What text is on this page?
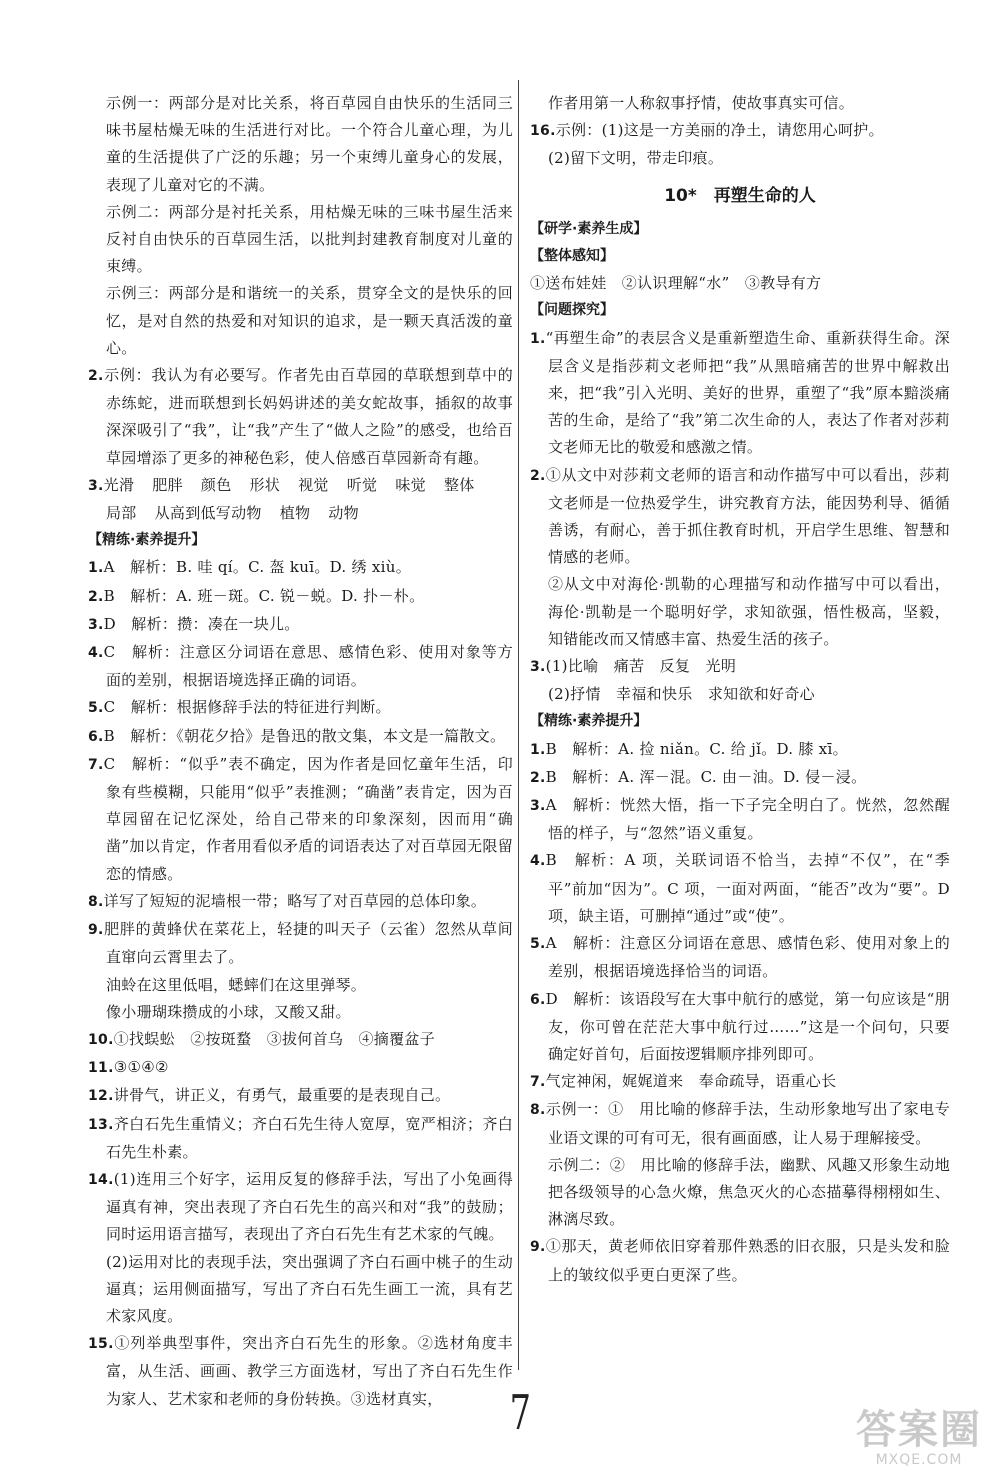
示例一：两部分是对比关系，将百草园自由快乐的生活同三味书屋枯燥无味的生活进行对比。一个符合儿童心理，为儿童的生活提供了广泛的乐趣；另一个束缚儿童身心的发展，表现了儿童对它的不满。

示例二：两部分是衬托关系，用枯燥无味的三味书屋生活来反衬自由快乐的百草园生活，以批判封建教育制度对儿童的束缚。

示例三：两部分是和谐统一的关系，贯穿全文的是快乐的回忆，是对自然的热爱和对知识的追求，是一颗天真活泼的童心。

2.示例：我认为有必要写。作者先由百草园的草联想到草中的赤练蛇，进而联想到长妈妈讲述的美女蛇故事，插叙的故事深深吸引了“我”，让“我”产生了“做人之险”的感受，也给百草园增添了更多的神秘色彩，使人倍感百草园新奇有趣。

3.光滑 肥胖 颜色 形状 视觉 听觉 味觉 整体

局部 从高到低写动物 植物 动物

【精练·素养提升】

1.A　解析：B. 哇 qí。C. 盔 kuī。D. 绣 xiù。

2.B　解析：A. 班－斑。C. 锐－蜕。D. 扑－朴。

3.D　解析：攒：凑在一块儿。

4.C　解析：注意区分词语在意思、感情色彩、使用对象等方面的差别，根据语境选择正确的词语。

5.C　解析：根据修辞手法的特征进行判断。

6.B　解析：《朝花夕拾》是鲁迅的散文集，本文是一篇散文。

7.C　解析：“似乎”表不确定，因为作者是回忆童年生活，印象有些模糊，只能用“似乎”表推测；“确凿”表肯定，因为百草园留在记忆深处，给自己带来的印象深刻，因而用“确凿”加以肯定，作者用看似矛盾的词语表达了对百草园无限留恋的情感。

8.详写了短短的泥墙根一带；略写了对百草园的总体印象。

9.肥胖的黄蜂伏在菜花上，轻捷的叫天子（云雀）忽然从草间直窜向云霄里去了。

油蛉在这里低唱，蟋蟀们在这里弹琴。

像小珊瑚珠攒成的小球，又酸又甜。

10.①找蜈蚣　②按斑蝥　③拔何首乌　④摘覆盆子

11.③①④②

12.讲骨气，讲正义，有勇气，最重要的是表现自己。

13.齐白石先生重情义；齐白石先生待人宽厚，宽严相济；齐白石先生朴素。

14.(1)连用三个好字，运用反复的修辞手法，写出了小兔画得逼真有神，突出表现了齐白石先生的高兴和对“我”的鼓励；同时运用语言描写，表现出了齐白石先生有艺术家的气魄。

(2)运用对比的表现手法，突出强调了齐白石画中桃子的生动逼真；运用侧面描写，写出了齐白石先生画工一流，具有艺术家风度。

15.①列举典型事件，突出齐白石先生的形象。②选材角度丰富，从生活、画画、教学三方面选材，写出了齐白石先生作为家人、艺术家和老师的身份转换。③选材真实，

作者用第一人称叙事抒情，使故事真实可信。

16.示例：(1)这是一方美丽的净土，请您用心呵护。

(2)留下文明，带走印痕。

10*　再塑生命的人
【研学·素养生成】
【整体感知】

①送布娃娃　②认识理解“水”　③教导有方

【问题探究】

1.“再塑生命”的表层含义是重新塑造生命、重新获得生命。深层含义是指莎莉文老师把“我”从黑暗痛苦的世界中解救出来，把“我”引入光明、美好的世界，重塑了“我”原本黯淡痛苦的生命，是给了“我”第二次生命的人，表达了作者对莎莉文老师无比的敬爱和感激之情。

2.①从文中对莎莉文老师的语言和动作描写中可以看出，莎莉文老师是一位热爱学生，讲究教育方法，能因势利导、循循善诱，有耐心，善于抓住教育时机，开启学生思维、智慧和情感的老师。

②从文中对海伦·凯勒的心理描写和动作描写中可以看出，海伦·凯勒是一个聪明好学，求知欲强，悟性极高，坚毅，知错能改而又情感丰富、热爱生活的孩子。

3.(1)比喻　痛苦　反复　光明

(2)抒情　幸福和快乐　求知欲和好奇心

【精练·素养提升】

1.B　解析：A. 捡 niǎn。C. 给 jǐ。D. 膝 xī。

2.B　解析：A. 浑－混。C. 由－油。D. 侵－浸。

3.A　解析：恍然大悟，指一下子完全明白了。恍然，忽然醒悟的样子，与“忽然”语义重复。

4.B　解析：A 项，关联词语不恰当，去掉“不仅”，在“季平”前加“因为”。C 项，一面对两面，“能否”改为“要”。D 项，缺主语，可删掉“通过”或“使”。

5.A　解析：注意区分词语在意思、感情色彩、使用对象上的差别，根据语境选择恰当的词语。

6.D　解析：该语段写在大事中航行的感觉，第一句应该是“朋友，你可曾在茫茫大事中航行过……”这是一个问句，只要确定好首句，后面按逻辑顺序排列即可。

7.气定神闲，娓娓道来　奉命疏导，语重心长

8.示例一：①　用比喻的修辞手法，生动形象地写出了家电专业语文课的可有可无，很有画面感，让人易于理解接受。

示例二：②　用比喻的修辞手法，幽默、风趣又形象生动地把各级领导的心急火燎，焦急灭火的心态描摹得栩栩如生、淋漓尽致。

9.①那天，黄老师依旧穿着那件熟悉的旧衣服，只是头发和脸上的皱纹似乎更白更深了些。

7	答案圈
MXQE.COM
